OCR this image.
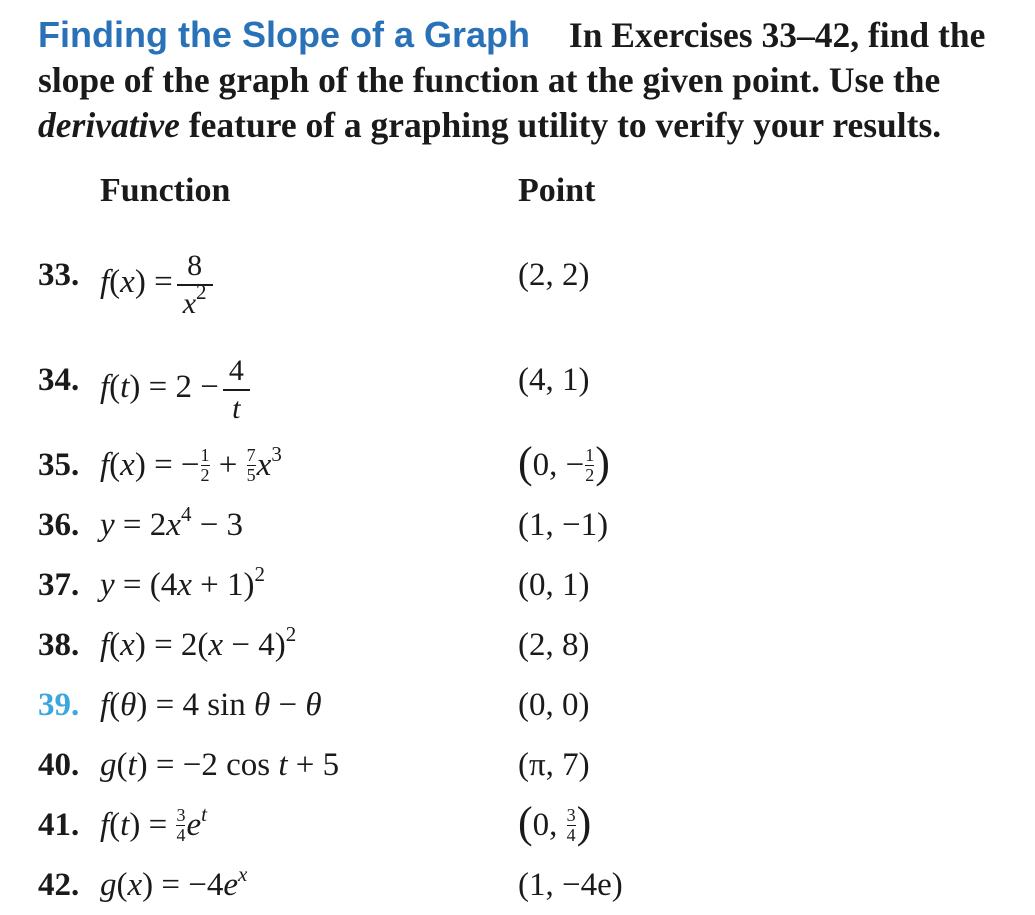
Finding the Slope of a Graph In Exercises 33–42, find the slope of the graph of the function at the given point. Use the derivative feature of a graphing utility to verify your results.
Function	Point
33. $f(x) = \frac{8}{x^2}$	(2, 2)
34. $f(t) = 2 - \frac{4}{t}$	(4, 1)
35. f(x) = − $\frac{1}{2} + \frac{7}{5} x^3$	(0, − $\frac{1}{2}$ )
36. $y = 2x^4 - 3$	(1, −1)
37. $y = (4x + 1)^2$	(0, 1)
38. $f(x) = 2(x - 4)^2$	(2, 8)
39. f(θ) = 4 sin θ − θ	(0, 0)
40. g(t) = −2 cos t + 5	(π, 7)
41. $f(t) = \frac{3}{4} e^t$	(0, $\frac{3}{4}$ )
42. $g(x) = -4e^x$	(1, −4e)
